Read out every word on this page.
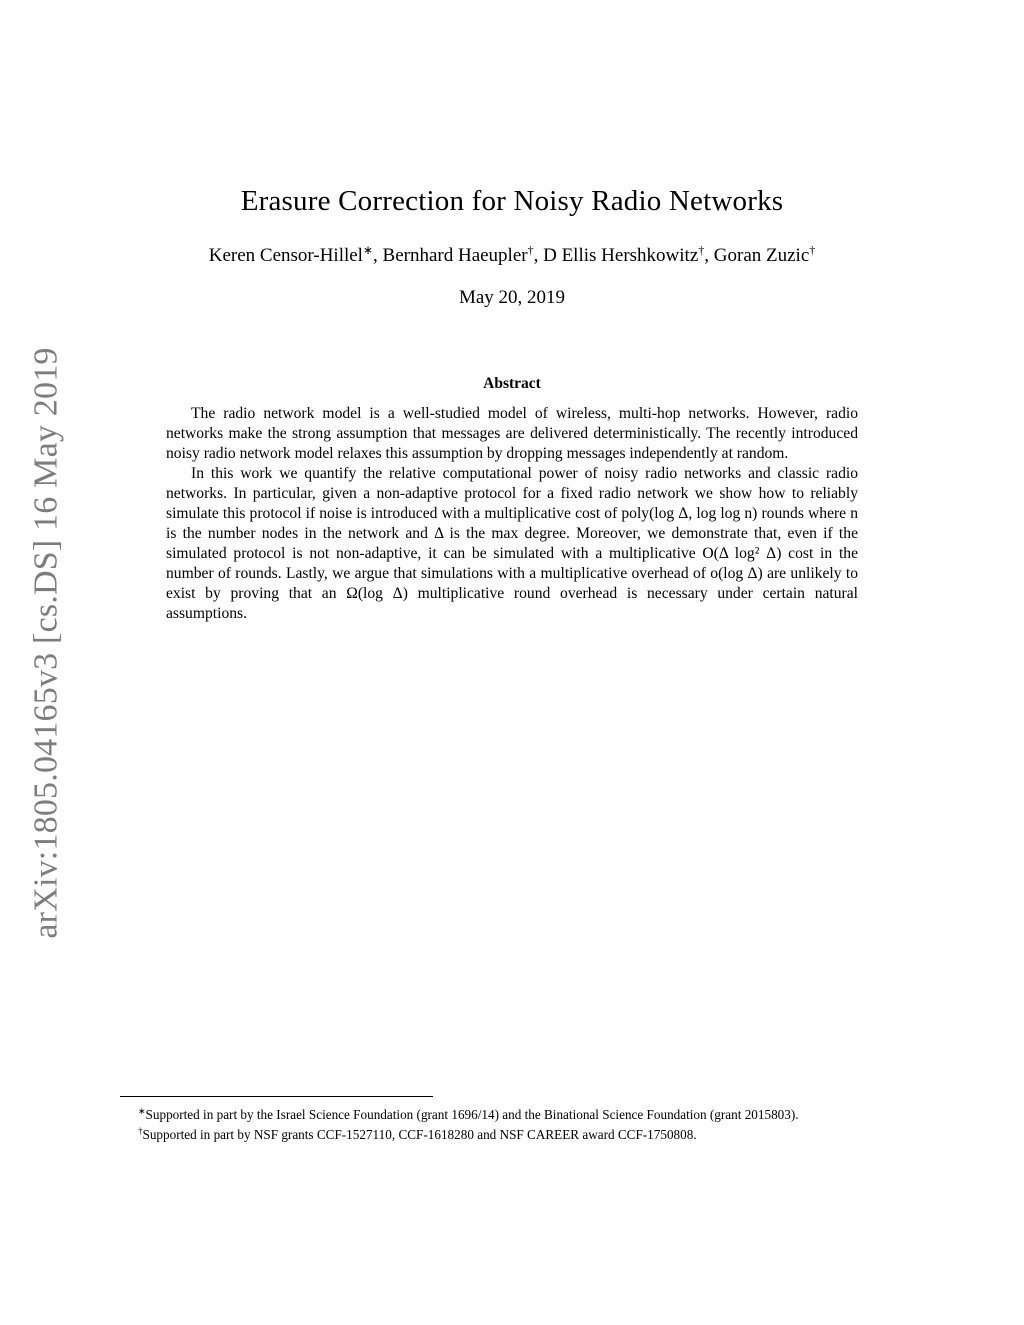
arXiv:1805.04165v3 [cs.DS] 16 May 2019
Erasure Correction for Noisy Radio Networks
Keren Censor-Hillel∗, Bernhard Haeupler†, D Ellis Hershkowitz†, Goran Zuzic†
May 20, 2019
Abstract

The radio network model is a well-studied model of wireless, multi-hop networks. However, radio networks make the strong assumption that messages are delivered deterministically. The recently introduced noisy radio network model relaxes this assumption by dropping messages independently at random.

In this work we quantify the relative computational power of noisy radio networks and classic radio networks. In particular, given a non-adaptive protocol for a fixed radio network we show how to reliably simulate this protocol if noise is introduced with a multiplicative cost of poly(log Δ, log log n) rounds where n is the number nodes in the network and Δ is the max degree. Moreover, we demonstrate that, even if the simulated protocol is not non-adaptive, it can be simulated with a multiplicative O(Δ log² Δ) cost in the number of rounds. Lastly, we argue that simulations with a multiplicative overhead of o(log Δ) are unlikely to exist by proving that an Ω(log Δ) multiplicative round overhead is necessary under certain natural assumptions.

∗Supported in part by the Israel Science Foundation (grant 1696/14) and the Binational Science Foundation (grant 2015803).

†Supported in part by NSF grants CCF-1527110, CCF-1618280 and NSF CAREER award CCF-1750808.
